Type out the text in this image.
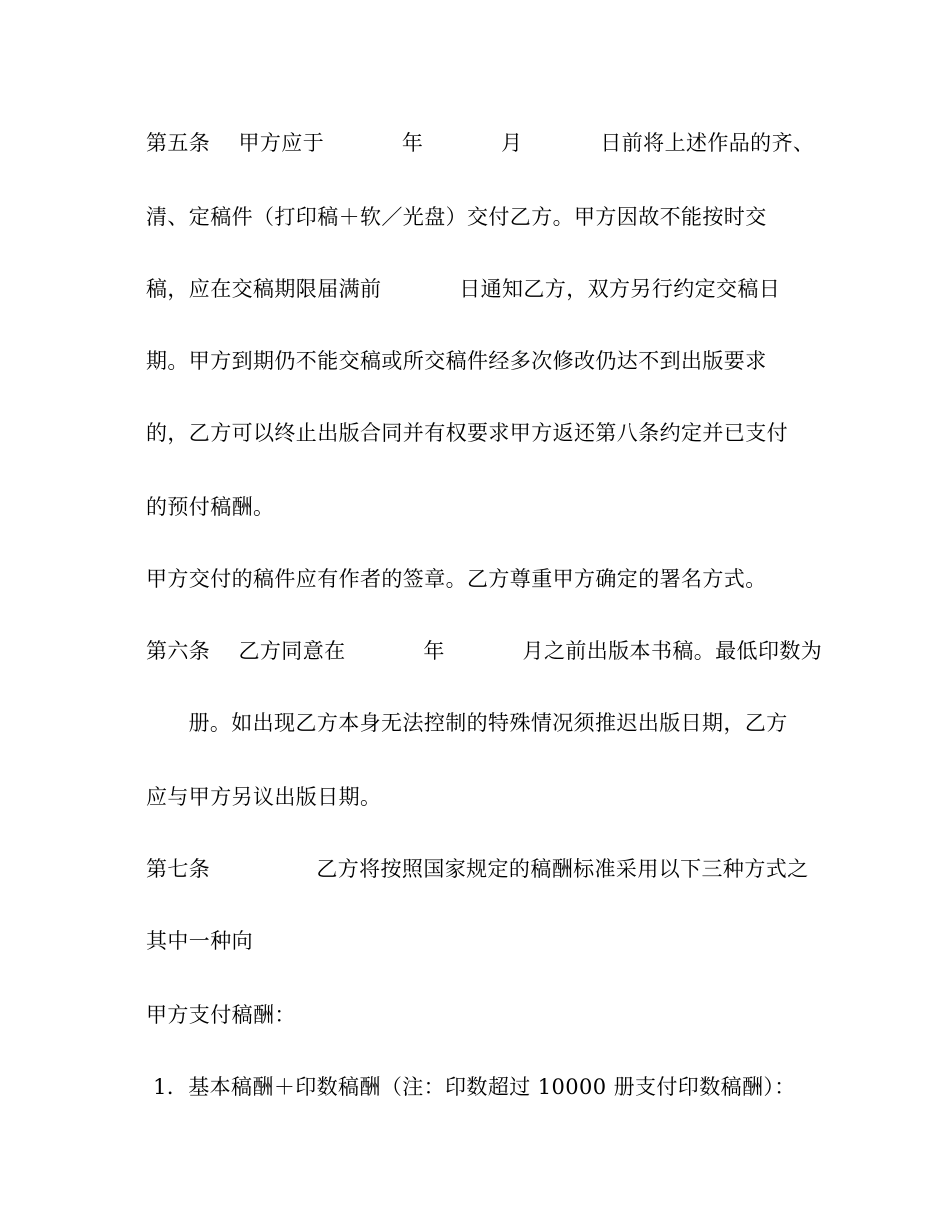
第五条    甲方应于           年           月           日前将上述作品的齐、
清、定稿件（打印稿＋软／光盘）交付乙方。甲方因故不能按时交
稿，应在交稿期限届满前           日通知乙方，双方另行约定交稿日
期。甲方到期仍不能交稿或所交稿件经多次修改仍达不到出版要求
的，乙方可以终止出版合同并有权要求甲方返还第八条约定并已支付
的预付稿酬。
甲方交付的稿件应有作者的签章。乙方尊重甲方确定的署名方式。
第六条    乙方同意在           年           月之前出版本书稿。最低印数为
册。如出现乙方本身无法控制的特殊情况须推迟出版日期，乙方
应与甲方另议出版日期。
第七条               乙方将按照国家规定的稿酬标准采用以下三种方式之
其中一种向
甲方支付稿酬：
1．基本稿酬＋印数稿酬（注：印数超过 10000 册支付印数稿酬）：
